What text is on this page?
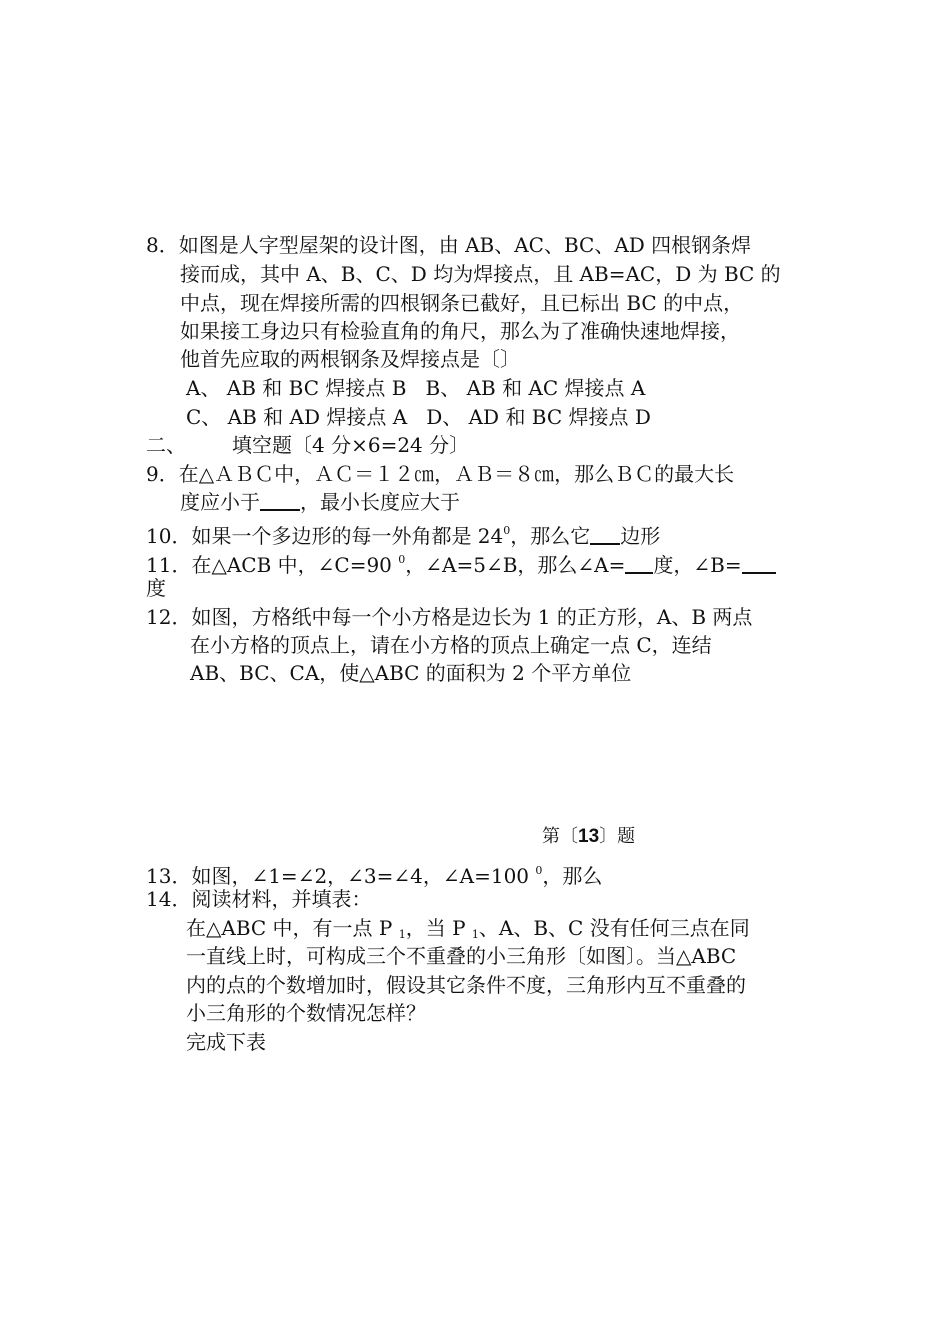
8．如图是人字型屋架的设计图，由 AB、AC、BC、AD 四根钢条焊
接而成，其中 A、B、C、D 均为焊接点，且 AB=AC，D 为 BC 的
中点，现在焊接所需的四根钢条已截好，且已标出 BC 的中点，
如果接工身边只有检验直角的角尺，那么为了准确快速地焊接，
他首先应取的两根钢条及焊接点是〔〕
A、 AB 和 BC 焊接点 B   B、 AB 和 AC 焊接点 A
C、 AB 和 AD 焊接点 A   D、 AD 和 BC 焊接点 D
二、 填空题〔4 分×6=24 分〕
9．在△ＡＢＣ中，ＡＣ＝１２㎝，ＡＢ＝８㎝，那么ＢＣ的最大长
度应小于 ，最小长度应大于
10．如果一个多边形的每一外角都是 $24^0$，那么它 边形
11．在△ACB 中，∠C=90 $^0$，∠A=5∠B，那么∠A= 度，∠B=
度
12．如图，方格纸中每一个小方格是边长为 1 的正方形，A、B 两点
在小方格的顶点上，请在小方格的顶点上确定一点 C，连结
AB、BC、CA，使△ABC 的面积为 2 个平方单位
第〔13〕题
13．如图，∠1=∠2，∠3=∠4，∠A=100 $^0$，那么
14．阅读材料，并填表：
在△ABC 中，有一点 P $_1$，当 P $_1$、A、B、C 没有任何三点在同
一直线上时，可构成三个不重叠的小三角形〔如图〕。当△ABC
内的点的个数增加时，假设其它条件不度，三角形内互不重叠的
小三角形的个数情况怎样？
完成下表
